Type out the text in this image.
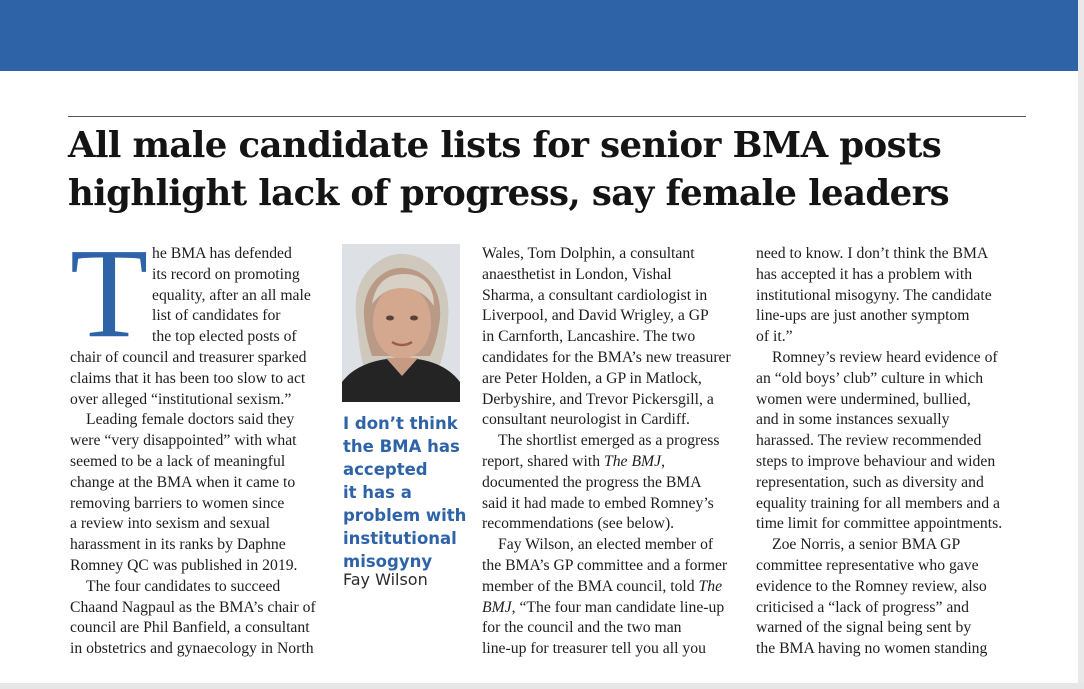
All male candidate lists for senior BMA posts
highlight lack of progress, say female leaders
T he BMA has defended
its record on promoting
equality, after an all male
list of candidates for
the top elected posts of
chair of council and treasurer sparked
claims that it has been too slow to act
over alleged “institutional sexism.”
Leading female doctors said they
were “very disappointed” with what
seemed to be a lack of meaningful
change at the BMA when it came to
removing barriers to women since
a review into sexism and sexual
harassment in its ranks by Daphne
Romney QC was published in 2019.
The four candidates to succeed
Chaand Nagpaul as the BMA’s chair of
council are Phil Banfield, a consultant
in obstetrics and gynaecology in North
I don’t think
the BMA has
accepted
it has a
problem with
institutional
misogyny
Fay Wilson
Wales, Tom Dolphin, a consultant
anaesthetist in London, Vishal
Sharma, a consultant cardiologist in
Liverpool, and David Wrigley, a GP
in Carnforth, Lancashire. The two
candidates for the BMA’s new treasurer
are Peter Holden, a GP in Matlock,
Derbyshire, and Trevor Pickersgill, a
consultant neurologist in Cardiff.
The shortlist emerged as a progress
report, shared with The BMJ,
documented the progress the BMA
said it had made to embed Romney’s
recommendations (see below).
Fay Wilson, an elected member of
the BMA’s GP committee and a former
member of the BMA council, told The
BMJ, “The four man candidate line-up
for the council and the two man
line-up for treasurer tell you all you
need to know. I don’t think the BMA
has accepted it has a problem with
institutional misogyny. The candidate
line-ups are just another symptom
of it.”
Romney’s review heard evidence of
an “old boys’ club” culture in which
women were undermined, bullied,
and in some instances sexually
harassed. The review recommended
steps to improve behaviour and widen
representation, such as diversity and
equality training for all members and a
time limit for committee appointments.
Zoe Norris, a senior BMA GP
committee representative who gave
evidence to the Romney review, also
criticised a “lack of progress” and
warned of the signal being sent by
the BMA having no women standing
